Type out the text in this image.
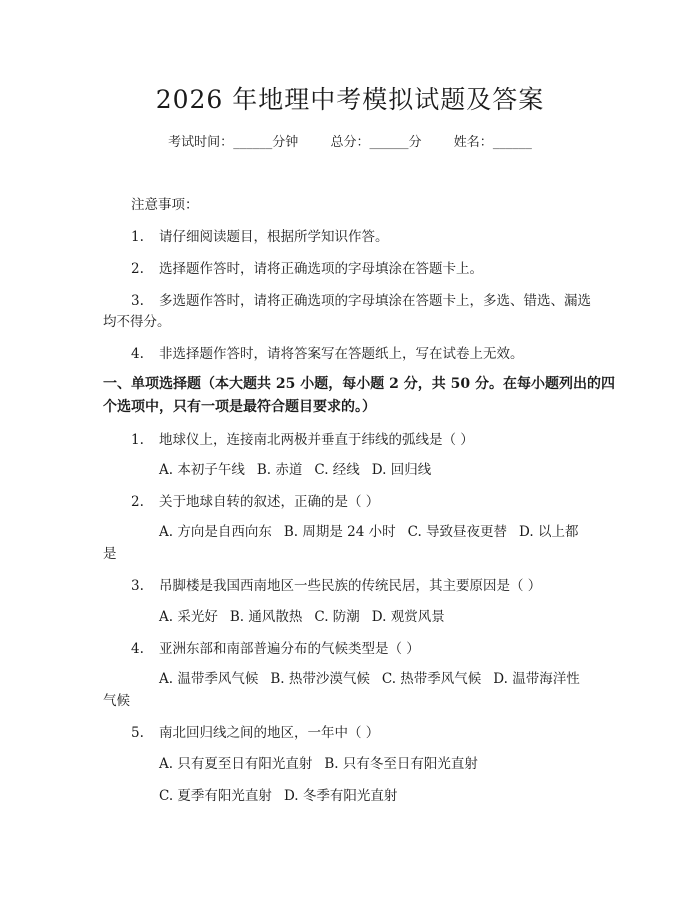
2026 年地理中考模拟试题及答案
考试时间：______分钟 总分：______分 姓名：______
注意事项：
1. 请仔细阅读题目，根据所学知识作答。
2. 选择题作答时，请将正确选项的字母填涂在答题卡上。
3. 多选题作答时，请将正确选项的字母填涂在答题卡上，多选、错选、漏选
均不得分。
4. 非选择题作答时，请将答案写在答题纸上，写在试卷上无效。
一、单项选择题（本大题共 25 小题，每小题 2 分，共 50 分。在每小题列出的四
个选项中，只有一项是最符合题目要求的。）
1. 地球仪上，连接南北两极并垂直于纬线的弧线是（ ）
A. 本初子午线 B. 赤道 C. 经线 D. 回归线
2. 关于地球自转的叙述，正确的是（ ）
A. 方向是自西向东 B. 周期是 24 小时 C. 导致昼夜更替 D. 以上都
是
3. 吊脚楼是我国西南地区一些民族的传统民居，其主要原因是（ ）
A. 采光好 B. 通风散热 C. 防潮 D. 观赏风景
4. 亚洲东部和南部普遍分布的气候类型是（ ）
A. 温带季风气候 B. 热带沙漠气候 C. 热带季风气候 D. 温带海洋性
气候
5. 南北回归线之间的地区，一年中（ ）
A. 只有夏至日有阳光直射 B. 只有冬至日有阳光直射
C. 夏季有阳光直射 D. 冬季有阳光直射
